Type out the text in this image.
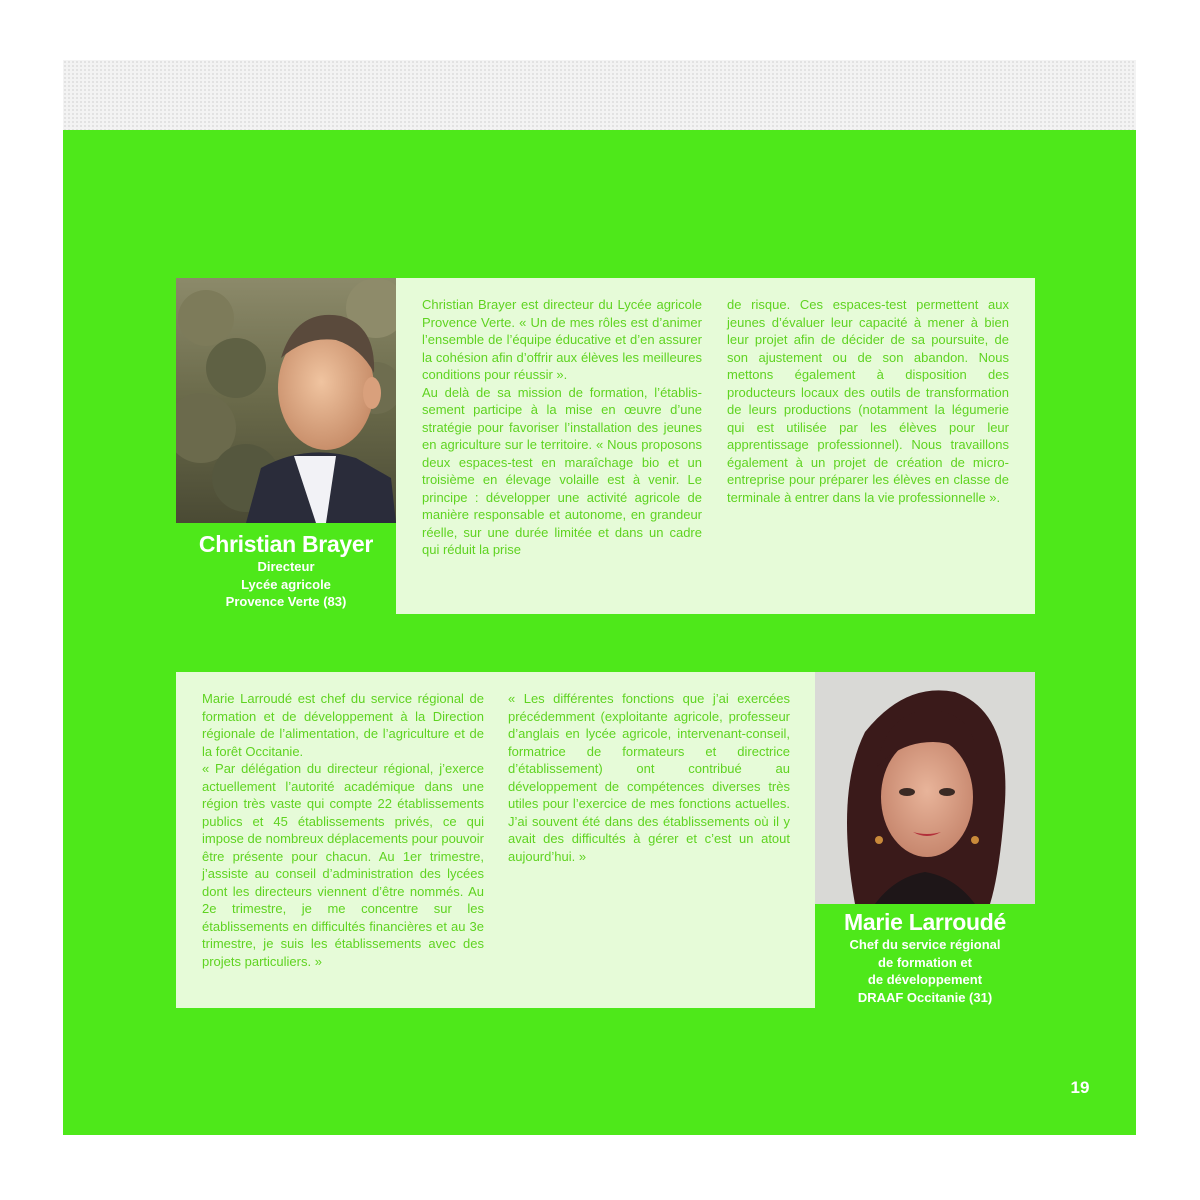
Christian Brayer
Directeur
Lycée agricole
Provence Verte (83)

Christian Brayer est directeur du Lycée agricole Provence Verte. « Un de mes rôles est d’animer l’ensemble de l’équipe éducative et d’en assurer la cohésion afin d’offrir aux élèves les meilleures conditions pour réussir ».

Au delà de sa mission de formation, l’établissement participe à la mise en œuvre d’une stratégie pour favoriser l’installation des jeunes en agriculture sur le territoire. « Nous proposons deux espaces-test en maraîchage bio et un troisième en élevage volaille est à venir. Le principe : développer une activité agricole de manière responsable et autonome, en grandeur réelle, sur une durée limitée et dans un cadre qui réduit la prise

de risque. Ces espaces-test permettent aux jeunes d’évaluer leur capacité à mener à bien leur projet afin de décider de sa poursuite, de son ajustement ou de son abandon. Nous mettons également à disposition des producteurs locaux des outils de transformation de leurs productions (notamment la légumerie qui est utilisée par les élèves pour leur apprentissage professionnel). Nous travaillons également à un projet de création de micro-entreprise pour préparer les élèves en classe de terminale à entrer dans la vie professionnelle ».

Marie Larroudé est chef du service régional de formation et de développement à la Direction régionale de l’alimentation, de l’agriculture et de la forêt Occitanie.

« Par délégation du directeur régional, j’exerce actuellement l’autorité académique dans une région très vaste qui compte 22 établissements publics et 45 établissements privés, ce qui impose de nombreux déplacements pour pouvoir être présente pour chacun. Au 1er trimestre, j’assiste au conseil d’administration des lycées dont les directeurs viennent d’être nommés. Au 2e trimestre, je me concentre sur les établissements en difficultés financières et au 3e trimestre, je suis les établissements avec des projets particuliers. »

« Les différentes fonctions que j’ai exercées précédemment (exploitante agricole, professeur d’anglais en lycée agricole, intervenant-conseil, formatrice de formateurs et directrice d’établissement) ont contribué au développement de compétences diverses très utiles pour l’exercice de mes fonctions actuelles. J’ai souvent été dans des établissements où il y avait des difficultés à gérer et c’est un atout aujourd’hui. »

Marie Larroudé
Chef du service régional
de formation et
de développement
DRAAF Occitanie (31)
19
